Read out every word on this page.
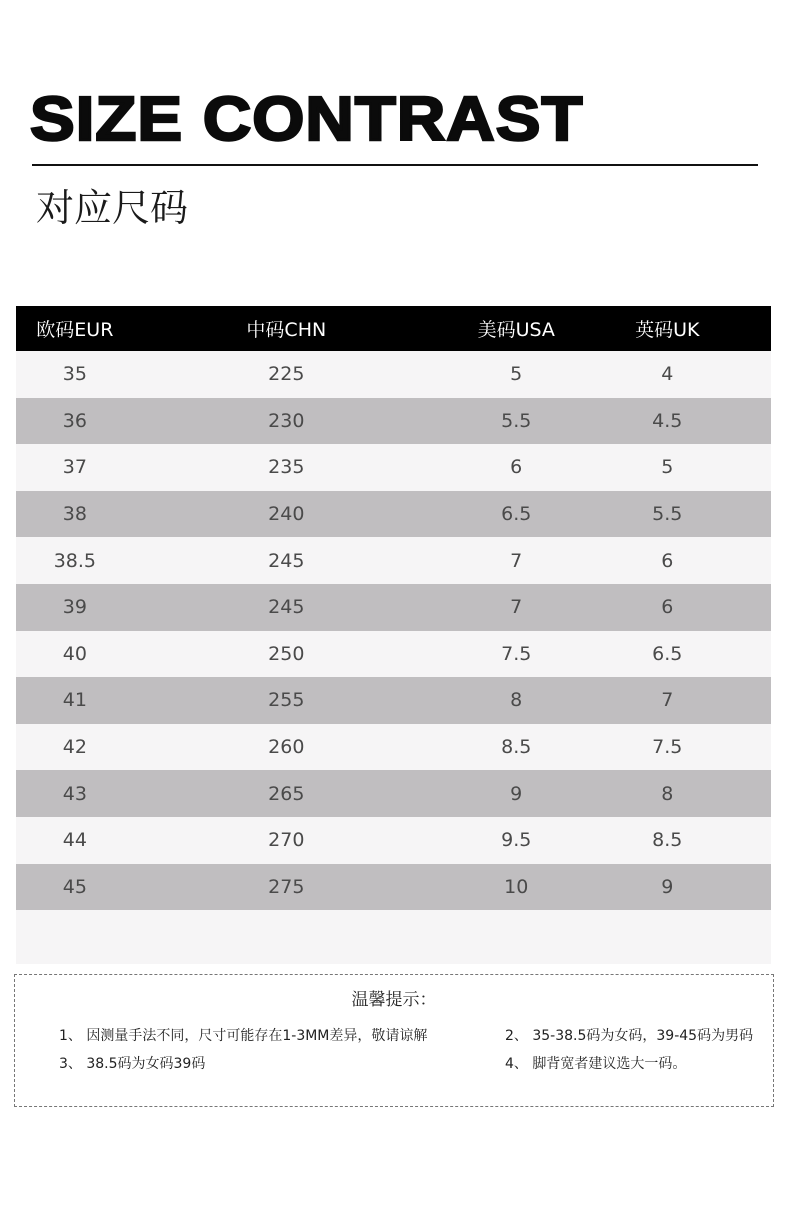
SIZE CONTRAST
对应尺码
欧码EUR	中码CHN	美码USA	英码UK
35	225	5	4
36	230	5.5	4.5
37	235	6	5
38	240	6.5	5.5
38.5	245	7	6
39	245	7	6
40	250	7.5	6.5
41	255	8	7
42	260	8.5	7.5
43	265	9	8
44	270	9.5	8.5
45	275	10	9
温馨提示：
1、 因测量手法不同，尺寸可能存在1-3MM差异，敬请谅解	2、 35-38.5码为女码，39-45码为男码
3、 38.5码为女码39码	4、 脚背宽者建议选大一码。
